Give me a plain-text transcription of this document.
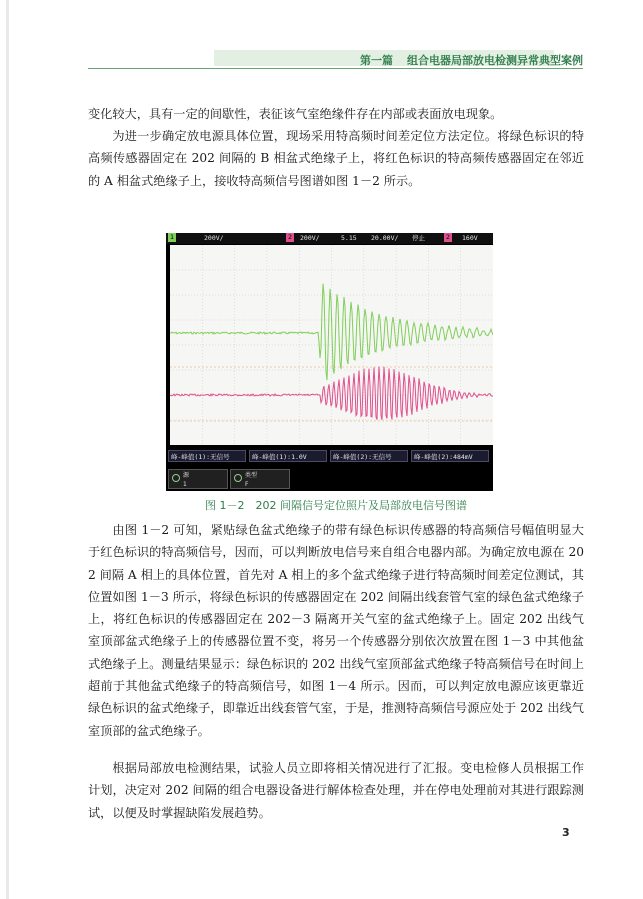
第一篇 组合电器局部放电检测异常典型案例

变化较大，具有一定的间歇性，表征该气室绝缘件存在内部或表面放电现象。

为进一步确定放电源具体位置，现场采用特高频时间差定位方法定位。将绿色标识的特高频传感器固定在 202 间隔的 B 相盆式绝缘子上，将红色标识的特高频传感器固定在邻近的 A 相盆式绝缘子上，接收特高频信号图谱如图 1－2 所示。

1	200V/	2	200V/	5.15 20.00V/ 停止	2	160V
峰-峰值(1):无信号	峰-峰值(1):1.0V	峰-峰值(2):无信号	峰-峰值(2):484mV
源
1
类型
F
图 1－2　202 间隔信号定位照片及局部放电信号图谱

由图 1－2 可知，紧贴绿色盆式绝缘子的带有绿色标识传感器的特高频信号幅值明显大于红色标识的特高频信号，因而，可以判断放电信号来自组合电器内部。为确定放电源在 202 间隔 A 相上的具体位置，首先对 A 相上的多个盆式绝缘子进行特高频时间差定位测试，其位置如图 1－3 所示，将绿色标识的传感器固定在 202 间隔出线套管气室的绿色盆式绝缘子上，将红色标识的传感器固定在 202－3 隔离开关气室的盆式绝缘子上。固定 202 出线气室顶部盆式绝缘子上的传感器位置不变，将另一个传感器分别依次放置在图 1－3 中其他盆式绝缘子上。测量结果显示：绿色标识的 202 出线气室顶部盆式绝缘子特高频信号在时间上超前于其他盆式绝缘子的特高频信号，如图 1－4 所示。因而，可以判定放电源应该更靠近绿色标识的盆式绝缘子，即靠近出线套管气室，于是，推测特高频信号源应处于 202 出线气室顶部的盆式绝缘子。

根据局部放电检测结果，试验人员立即将相关情况进行了汇报。变电检修人员根据工作计划，决定对 202 间隔的组合电器设备进行解体检查处理，并在停电处理前对其进行跟踪测试，以便及时掌握缺陷发展趋势。

3
